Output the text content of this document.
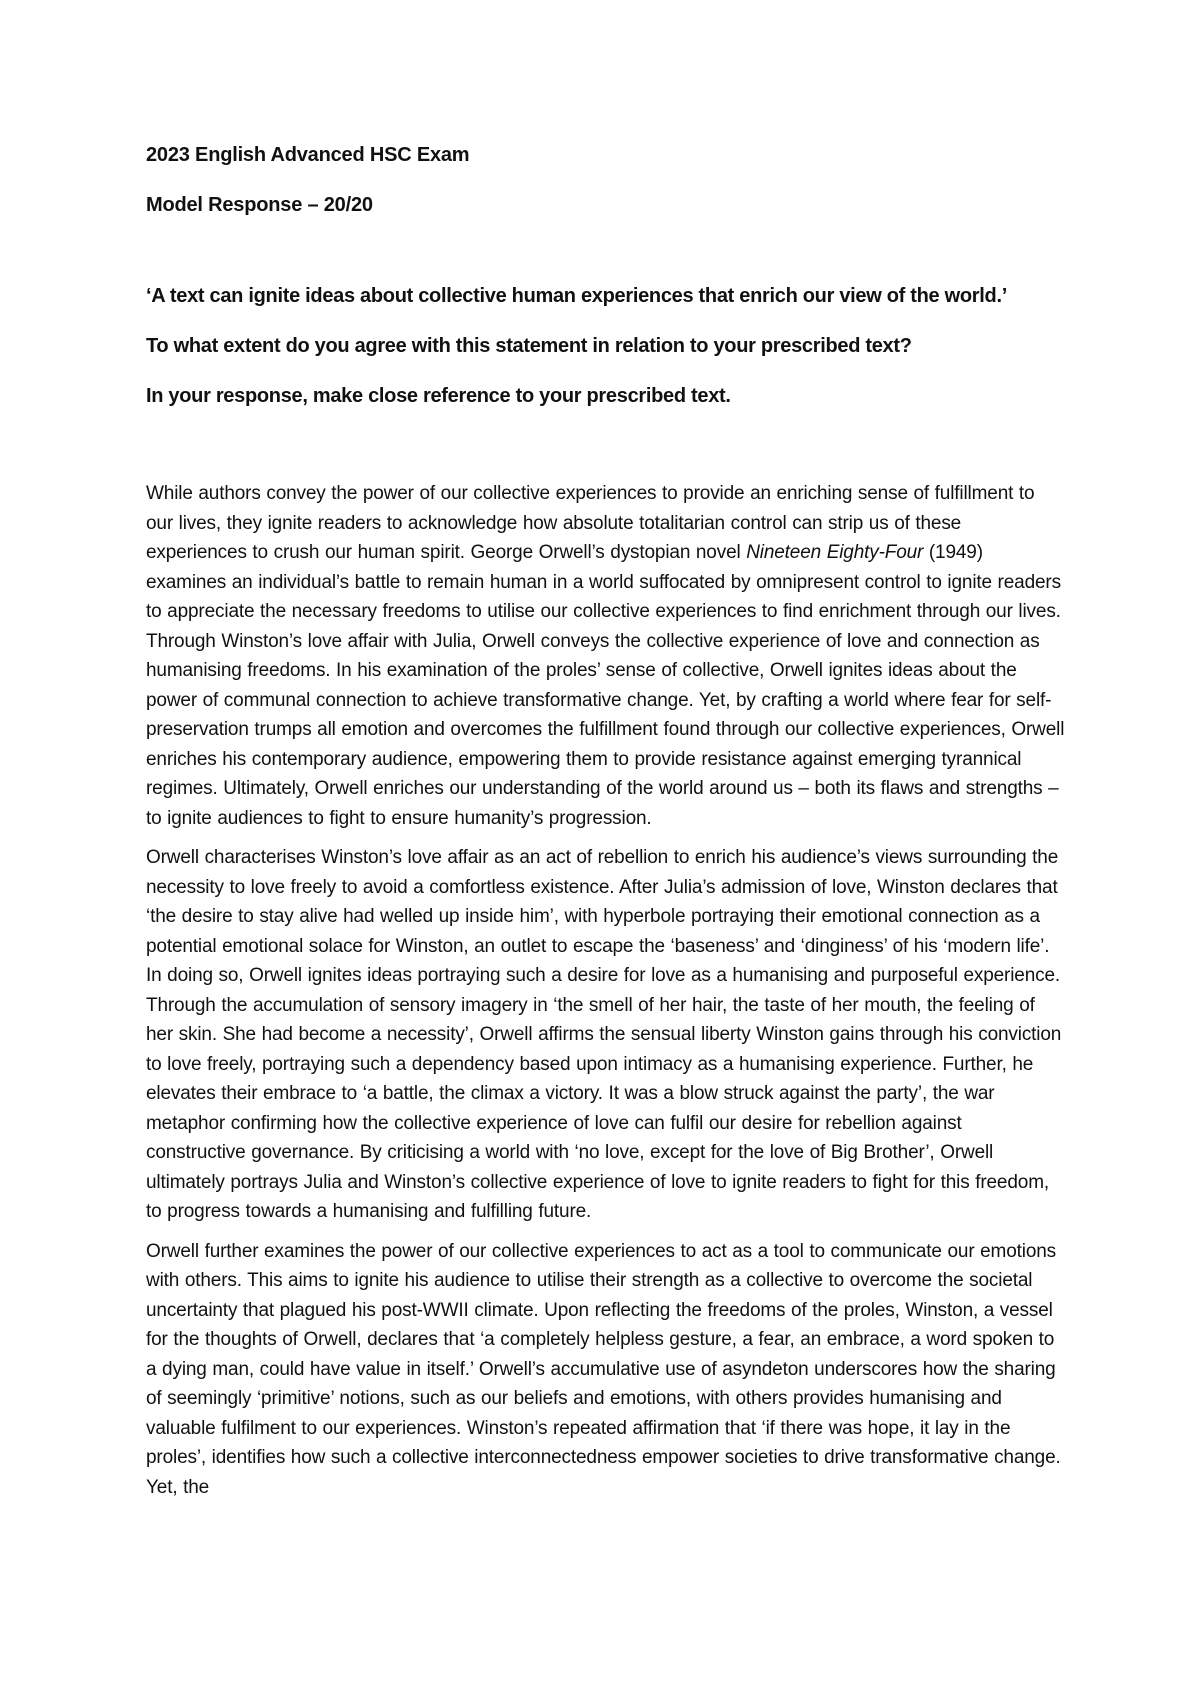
2023 English Advanced HSC Exam

Model Response – 20/20

‘A text can ignite ideas about collective human experiences that enrich our view of the world.’

To what extent do you agree with this statement in relation to your prescribed text?

In your response, make close reference to your prescribed text.

While authors convey the power of our collective experiences to provide an enriching sense of fulfillment to our lives, they ignite readers to acknowledge how absolute totalitarian control can strip us of these experiences to crush our human spirit. George Orwell’s dystopian novel Nineteen Eighty-Four (1949) examines an individual’s battle to remain human in a world suffocated by omnipresent control to ignite readers to appreciate the necessary freedoms to utilise our collective experiences to find enrichment through our lives. Through Winston’s love affair with Julia, Orwell conveys the collective experience of love and connection as humanising freedoms. In his examination of the proles’ sense of collective, Orwell ignites ideas about the power of communal connection to achieve transformative change. Yet, by crafting a world where fear for self-preservation trumps all emotion and overcomes the fulfillment found through our collective experiences, Orwell enriches his contemporary audience, empowering them to provide resistance against emerging tyrannical regimes. Ultimately, Orwell enriches our understanding of the world around us – both its flaws and strengths – to ignite audiences to fight to ensure humanity’s progression.

Orwell characterises Winston’s love affair as an act of rebellion to enrich his audience’s views surrounding the necessity to love freely to avoid a comfortless existence. After Julia’s admission of love, Winston declares that ‘the desire to stay alive had welled up inside him’, with hyperbole portraying their emotional connection as a potential emotional solace for Winston, an outlet to escape the ‘baseness’ and ‘dinginess’ of his ‘modern life’. In doing so, Orwell ignites ideas portraying such a desire for love as a humanising and purposeful experience. Through the accumulation of sensory imagery in ‘the smell of her hair, the taste of her mouth, the feeling of her skin. She had become a necessity’, Orwell affirms the sensual liberty Winston gains through his conviction to love freely, portraying such a dependency based upon intimacy as a humanising experience. Further, he elevates their embrace to ‘a battle, the climax a victory. It was a blow struck against the party’, the war metaphor confirming how the collective experience of love can fulfil our desire for rebellion against constructive governance. By criticising a world with ‘no love, except for the love of Big Brother’, Orwell ultimately portrays Julia and Winston’s collective experience of love to ignite readers to fight for this freedom, to progress towards a humanising and fulfilling future.

Orwell further examines the power of our collective experiences to act as a tool to communicate our emotions with others. This aims to ignite his audience to utilise their strength as a collective to overcome the societal uncertainty that plagued his post-WWII climate. Upon reflecting the freedoms of the proles, Winston, a vessel for the thoughts of Orwell, declares that ‘a completely helpless gesture, a fear, an embrace, a word spoken to a dying man, could have value in itself.’ Orwell’s accumulative use of asyndeton underscores how the sharing of seemingly ‘primitive’ notions, such as our beliefs and emotions, with others provides humanising and valuable fulfilment to our experiences. Winston’s repeated affirmation that ‘if there was hope, it lay in the proles’, identifies how such a collective interconnectedness empower societies to drive transformative change. Yet, the
